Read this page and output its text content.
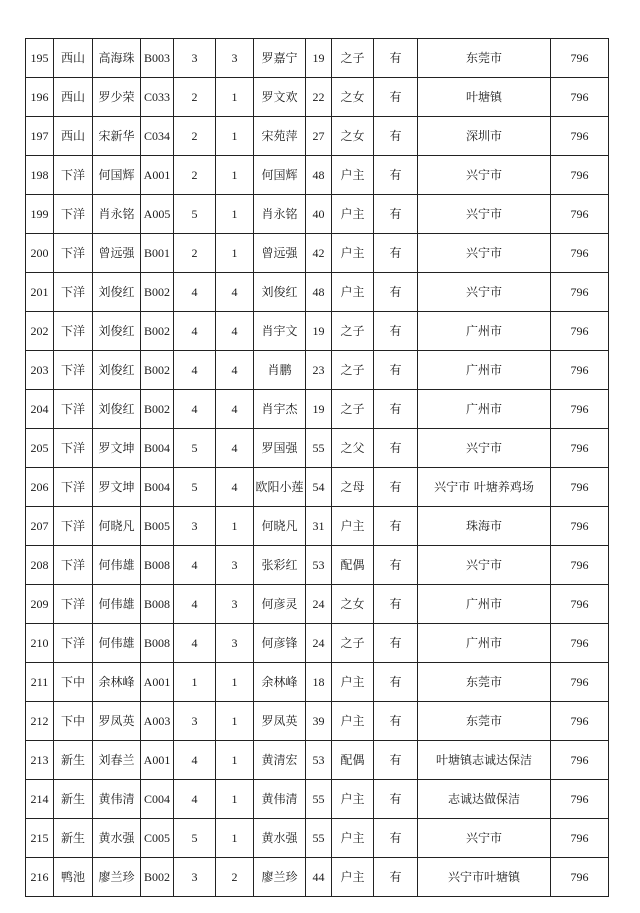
195	西山	高海珠	B003	3	3	罗嘉宁	19	之子	有	东莞市	796
196	西山	罗少荣	C033	2	1	罗文欢	22	之女	有	叶塘镇	796
197	西山	宋新华	C034	2	1	宋苑萍	27	之女	有	深圳市	796
198	下洋	何国辉	A001	2	1	何国辉	48	户主	有	兴宁市	796
199	下洋	肖永铭	A005	5	1	肖永铭	40	户主	有	兴宁市	796
200	下洋	曾远强	B001	2	1	曾远强	42	户主	有	兴宁市	796
201	下洋	刘俊红	B002	4	4	刘俊红	48	户主	有	兴宁市	796
202	下洋	刘俊红	B002	4	4	肖宇文	19	之子	有	广州市	796
203	下洋	刘俊红	B002	4	4	肖鹏	23	之子	有	广州市	796
204	下洋	刘俊红	B002	4	4	肖宇杰	19	之子	有	广州市	796
205	下洋	罗文坤	B004	5	4	罗国强	55	之父	有	兴宁市	796
206	下洋	罗文坤	B004	5	4	欧阳小莲	54	之母	有	兴宁市 叶塘养鸡场	796
207	下洋	何晓凡	B005	3	1	何晓凡	31	户主	有	珠海市	796
208	下洋	何伟雄	B008	4	3	张彩红	53	配偶	有	兴宁市	796
209	下洋	何伟雄	B008	4	3	何彦灵	24	之女	有	广州市	796
210	下洋	何伟雄	B008	4	3	何彦锋	24	之子	有	广州市	796
211	下中	余林峰	A001	1	1	余林峰	18	户主	有	东莞市	796
212	下中	罗凤英	A003	3	1	罗凤英	39	户主	有	东莞市	796
213	新生	刘春兰	A001	4	1	黄清宏	53	配偶	有	叶塘镇志诚达保洁	796
214	新生	黄伟清	C004	4	1	黄伟清	55	户主	有	志诚达做保洁	796
215	新生	黄水强	C005	5	1	黄水强	55	户主	有	兴宁市	796
216	鸭池	廖兰珍	B002	3	2	廖兰珍	44	户主	有	兴宁市叶塘镇	796
